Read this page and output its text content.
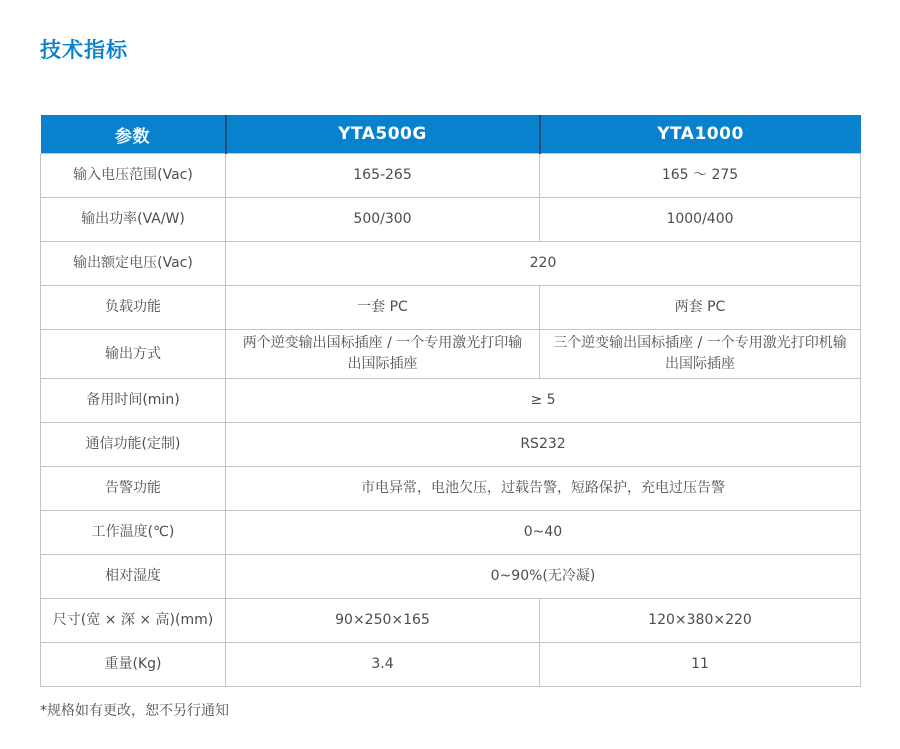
技术指标
参数	YTA500G	YTA1000
输入电压范围(Vac)	165-265	165 ～ 275
输出功率(VA/W)	500/300	1000/400
输出额定电压(Vac)	220	
负载功能	一套 PC	两套 PC
输出方式	两个逆变输出国标插座 / 一个专用激光打印输出国际插座	三个逆变输出国标插座 / 一个专用激光打印机输出国际插座
备用时间(min)	≥ 5	
通信功能(定制)	RS232	
告警功能	市电异常，电池欠压，过载告警，短路保护，充电过压告警	
工作温度(℃)	0~40	
相对湿度	0~90%(无冷凝)	
尺寸(宽 × 深 × 高)(mm)	90×250×165	120×380×220
重量(Kg)	3.4	11

*规格如有更改，恕不另行通知
